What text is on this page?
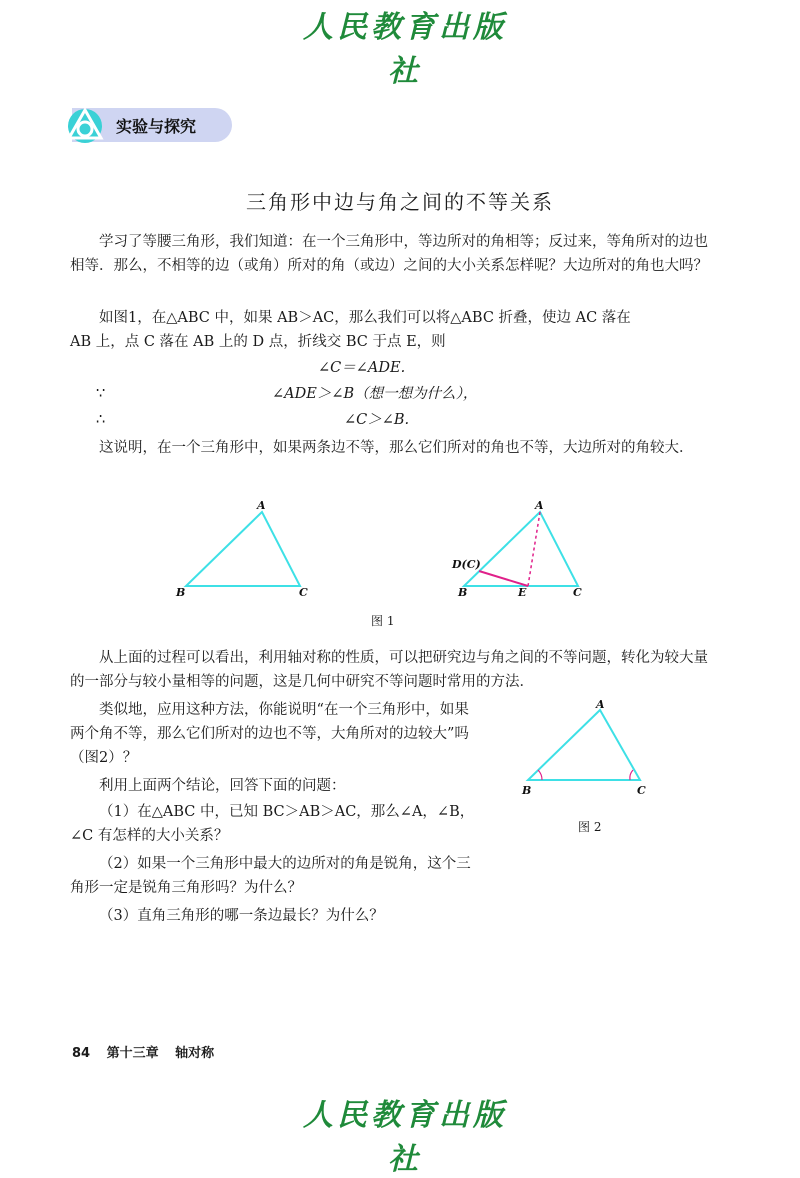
人民教育出版社
实验与探究
三角形中边与角之间的不等关系
学习了等腰三角形，我们知道：在一个三角形中，等边所对的角相等；反过来，等角所对的边也相等．那么，不相等的边（或角）所对的角（或边）之间的大小关系怎样呢？大边所对的角也大吗？
如图1，在△ABC 中，如果 AB＞AC，那么我们可以将△ABC 折叠，使边 AC 落在
AB 上，点 C 落在 AB 上的 D 点，折线交 BC 于点 E，则
∠C＝∠ADE.
∵	∠ADE＞∠B（想一想为什么），
∴	∠C＞∠B.
这说明，在一个三角形中，如果两条边不等，那么它们所对的角也不等，大边所对的角较大．
A
B	C
A
D(C)
B	E	C
图 1
从上面的过程可以看出，利用轴对称的性质，可以把研究边与角之间的不等问题，转化为较大量的一部分与较小量相等的问题，这是几何中研究不等问题时常用的方法．
类似地，应用这种方法，你能说明“在一个三角形中，如果两个角不等，那么它们所对的边也不等，大角所对的边较大”吗（图2）？
利用上面两个结论，回答下面的问题：
（1）在△ABC 中，已知 BC＞AB＞AC，那么∠A，∠B，∠C 有怎样的大小关系？
（2）如果一个三角形中最大的边所对的角是锐角，这个三角形一定是锐角三角形吗？为什么？
（3）直角三角形的哪一条边最长？为什么？
A
B	C
图 2
84 第十三章 轴对称
人民教育出版社
